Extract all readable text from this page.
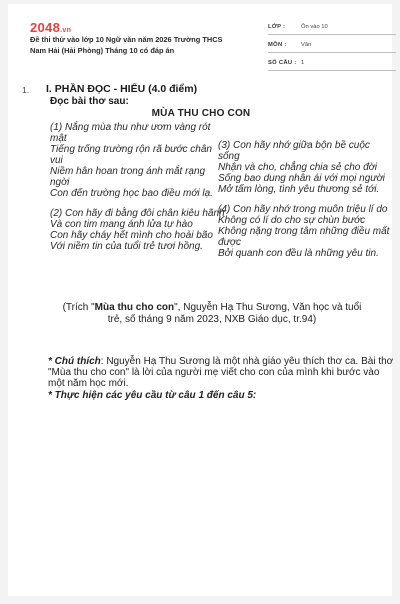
2048.vn
Đề thi thử vào lớp 10 Ngữ văn năm 2026 Trường THCS Nam Hải (Hải Phòng) Tháng 10 có đáp án
LỚP :	Ôn vào 10
MÔN : Văn
SỐ CÂU : 1
1. I. PHẦN ĐỌC - HIỂU (4.0 điểm)
Đọc bài thơ sau:
MÙA THU CHO CON

(1) Nắng mùa thu như ươm vàng rót mật

Tiếng trống trường rộn rã bước chân vui

Niềm hân hoan trong ánh mắt rạng ngời

Con đến trường học bao điều mới lạ.

(2) Con hãy đi bằng đôi chân kiêu hãnh

Và con tim mang ánh lửa tự hào

Con hãy cháy hết mình cho hoài bão

Với niềm tin của tuổi trẻ tươi hồng.

(3) Con hãy nhớ giữa bộn bề cuộc sống

Nhận và cho, chẳng chia sẻ cho đời

Sống bao dung nhân ái với mọi người

Mở tấm lòng, tình yêu thương sẻ tới.

(4) Con hãy nhớ trong muôn triệu lí do

Không có lí do cho sự chùn bước

Không nặng trong tâm những điều mất được

Bởi quanh con đều là những yêu tin.

(Trích "Mùa thu cho con", Nguyễn Hạ Thu Sương, Văn học và tuổi trẻ, số tháng 9 năm 2023, NXB Giáo dục, tr.94)
* Chú thích: Nguyễn Hạ Thu Sương là một nhà giáo yêu thích thơ ca. Bài thơ "Mùa thu cho con" là lời của người mẹ viết cho con của mình khi bước vào một năm học mới.
* Thực hiện các yêu cầu từ câu 1 đến câu 5:
